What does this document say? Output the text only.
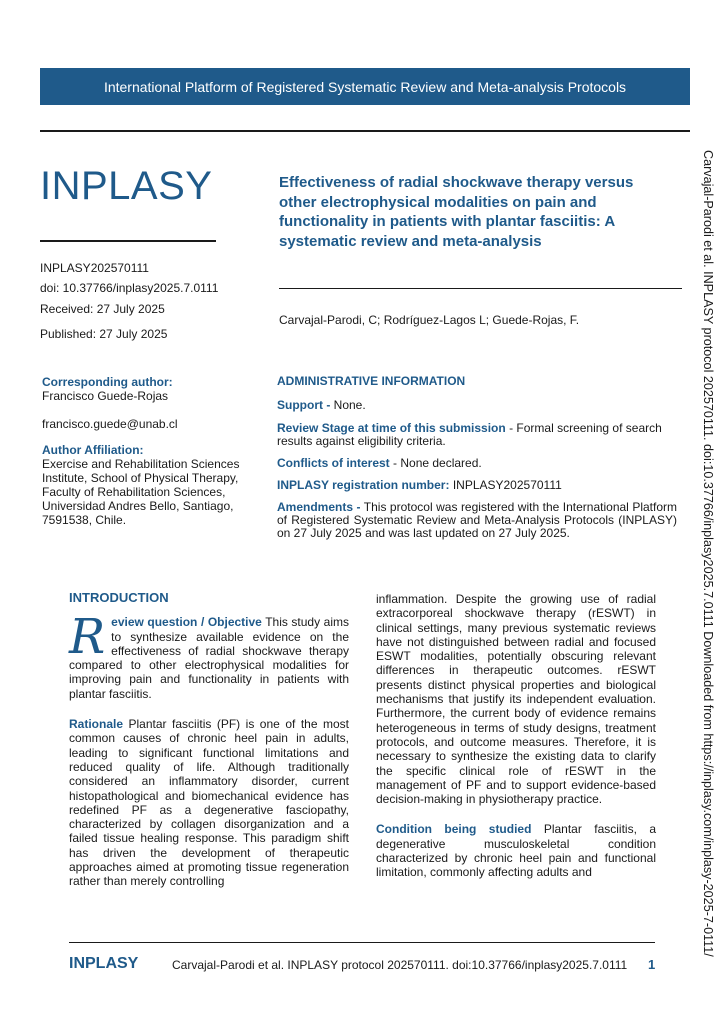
International Platform of Registered Systematic Review and Meta-analysis Protocols
INPLASY
INPLASY202570111
doi: 10.37766/inplasy2025.7.0111
Received: 27 July 2025
Published: 27 July 2025
Effectiveness of radial shockwave therapy versus other electrophysical modalities on pain and functionality in patients with plantar fasciitis: A systematic review and meta-analysis
Carvajal-Parodi, C; Rodríguez-Lagos L; Guede-Rojas, F.
Corresponding author:
Francisco Guede-Rojas
francisco.guede@unab.cl
Author Affiliation:
Exercise and Rehabilitation Sciences Institute, School of Physical Therapy, Faculty of Rehabilitation Sciences, Universidad Andres Bello, Santiago, 7591538, Chile.
ADMINISTRATIVE INFORMATION
Support - None.
Review Stage at time of this submission - Formal screening of search results against eligibility criteria.
Conflicts of interest - None declared.
INPLASY registration number: INPLASY202570111
Amendments - This protocol was registered with the International Platform of Registered Systematic Review and Meta-Analysis Protocols (INPLASY) on 27 July 2025 and was last updated on 27 July 2025.	Carvajal-Parodi et al. INPLASY protocol 202570111. doi:10.37766/inplasy2025.7.0111 Downloaded from https://inplasy.com/inplasy-2025-7-0111/
INTRODUCTION
Review question / Objective This study aims to synthesize available evidence on the effectiveness of radial shockwave therapy compared to other electrophysical modalities for improving pain and functionality in patients with plantar fasciitis.
Rationale Plantar fasciitis (PF) is one of the most common causes of chronic heel pain in adults, leading to significant functional limitations and reduced quality of life. Although traditionally considered an inflammatory disorder, current histopathological and biomechanical evidence has redefined PF as a degenerative fasciopathy, characterized by collagen disorganization and a failed tissue healing response. This paradigm shift has driven the development of therapeutic approaches aimed at promoting tissue regeneration rather than merely controlling
inflammation. Despite the growing use of radial extracorporeal shockwave therapy (rESWT) in clinical settings, many previous systematic reviews have not distinguished between radial and focused ESWT modalities, potentially obscuring relevant differences in therapeutic outcomes. rESWT presents distinct physical properties and biological mechanisms that justify its independent evaluation. Furthermore, the current body of evidence remains heterogeneous in terms of study designs, treatment protocols, and outcome measures. Therefore, it is necessary to synthesize the existing data to clarify the specific clinical role of rESWT in the management of PF and to support evidence-based decision-making in physiotherapy practice.
Condition being studied Plantar fasciitis, a degenerative musculoskeletal condition characterized by chronic heel pain and functional limitation, commonly affecting adults and
INPLASY	Carvajal-Parodi et al. INPLASY protocol 202570111. doi:10.37766/inplasy2025.7.0111 1
